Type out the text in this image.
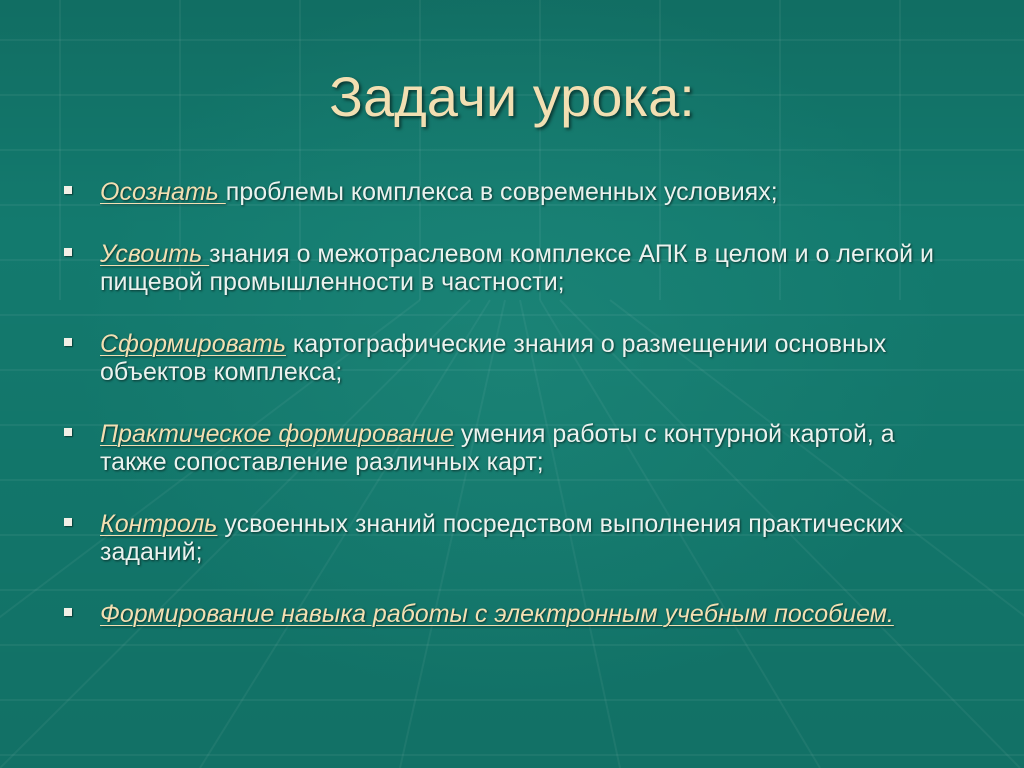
Задачи урока:
Осознать проблемы комплекса в современных условиях;
Усвоить знания о межотраслевом комплексе АПК в целом и о легкой и пищевой промышленности в частности;
Сформировать картографические знания о размещении основных объектов комплекса;
Практическое формирование умения работы с контурной картой, а также сопоставление различных карт;
Контроль усвоенных знаний посредством выполнения практических заданий;
Формирование навыка работы с электронным учебным пособием.
